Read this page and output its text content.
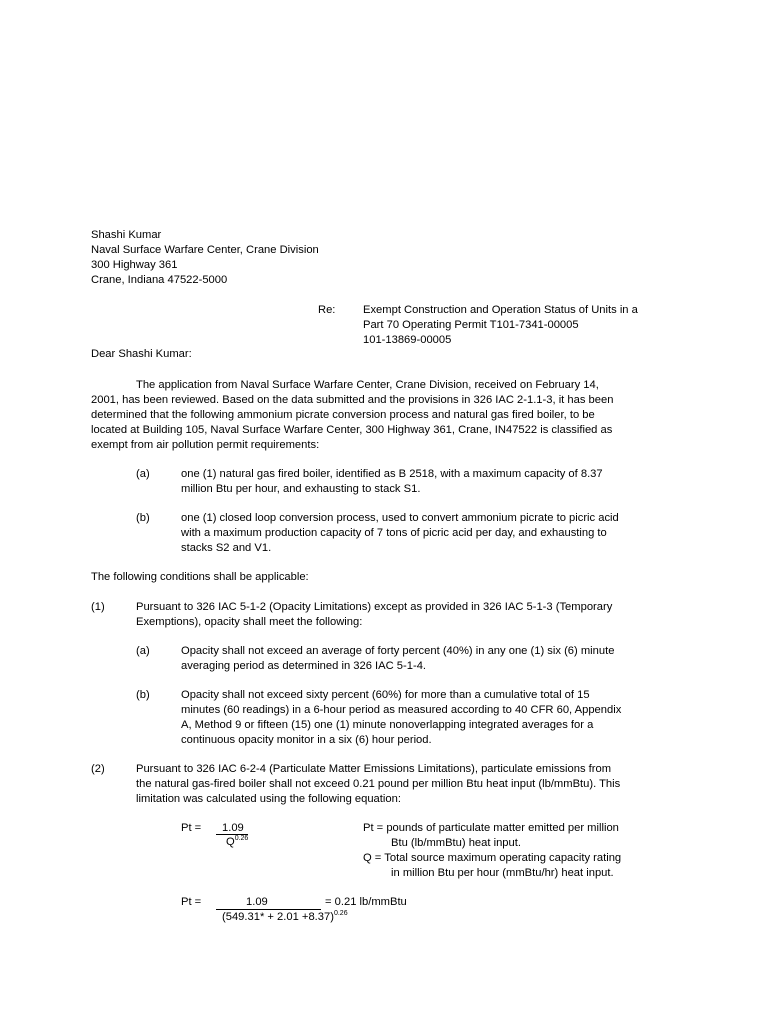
Shashi Kumar
Naval Surface Warfare Center, Crane Division
300 Highway 361
Crane, Indiana 47522-5000
Re: Exempt Construction and Operation Status of Units in a
Part 70 Operating Permit T101-7341-00005
101-13869-00005
Dear Shashi Kumar:
The application from Naval Surface Warfare Center, Crane Division, received on February 14,
2001, has been reviewed. Based on the data submitted and the provisions in 326 IAC 2-1.1-3, it has been
determined that the following ammonium picrate conversion process and natural gas fired boiler, to be
located at Building 105, Naval Surface Warfare Center, 300 Highway 361, Crane, IN47522 is classified as
exempt from air pollution permit requirements:
(a)	one (1) natural gas fired boiler, identified as B 2518, with a maximum capacity of 8.37
million Btu per hour, and exhausting to stack S1.
(b)	one (1) closed loop conversion process, used to convert ammonium picrate to picric acid
with a maximum production capacity of 7 tons of picric acid per day, and exhausting to
stacks S2 and V1.
The following conditions shall be applicable:
(1)	Pursuant to 326 IAC 5-1-2 (Opacity Limitations) except as provided in 326 IAC 5-1-3 (Temporary
Exemptions), opacity shall meet the following:
(a)	Opacity shall not exceed an average of forty percent (40%) in any one (1) six (6) minute
averaging period as determined in 326 IAC 5-1-4.
(b)	Opacity shall not exceed sixty percent (60%) for more than a cumulative total of 15
minutes (60 readings) in a 6-hour period as measured according to 40 CFR 60, Appendix
A, Method 9 or fifteen (15) one (1) minute nonoverlapping integrated averages for a
continuous opacity monitor in a six (6) hour period.
(2)	Pursuant to 326 IAC 6-2-4 (Particulate Matter Emissions Limitations), particulate emissions from
the natural gas-fired boiler shall not exceed 0.21 pound per million Btu heat input (lb/mmBtu). This
limitation was calculated using the following equation:
Pt = 1.09
$Q^{0.26}$
Pt = pounds of particulate matter emitted per million
Btu (lb/mmBtu) heat input.
Q = Total source maximum operating capacity rating
in million Btu per hour (mmBtu/hr) heat input.
Pt =	1.09	= 0.21 lb/mmBtu
$(549.31* + 2.01 +8.37)^{0.26}$
